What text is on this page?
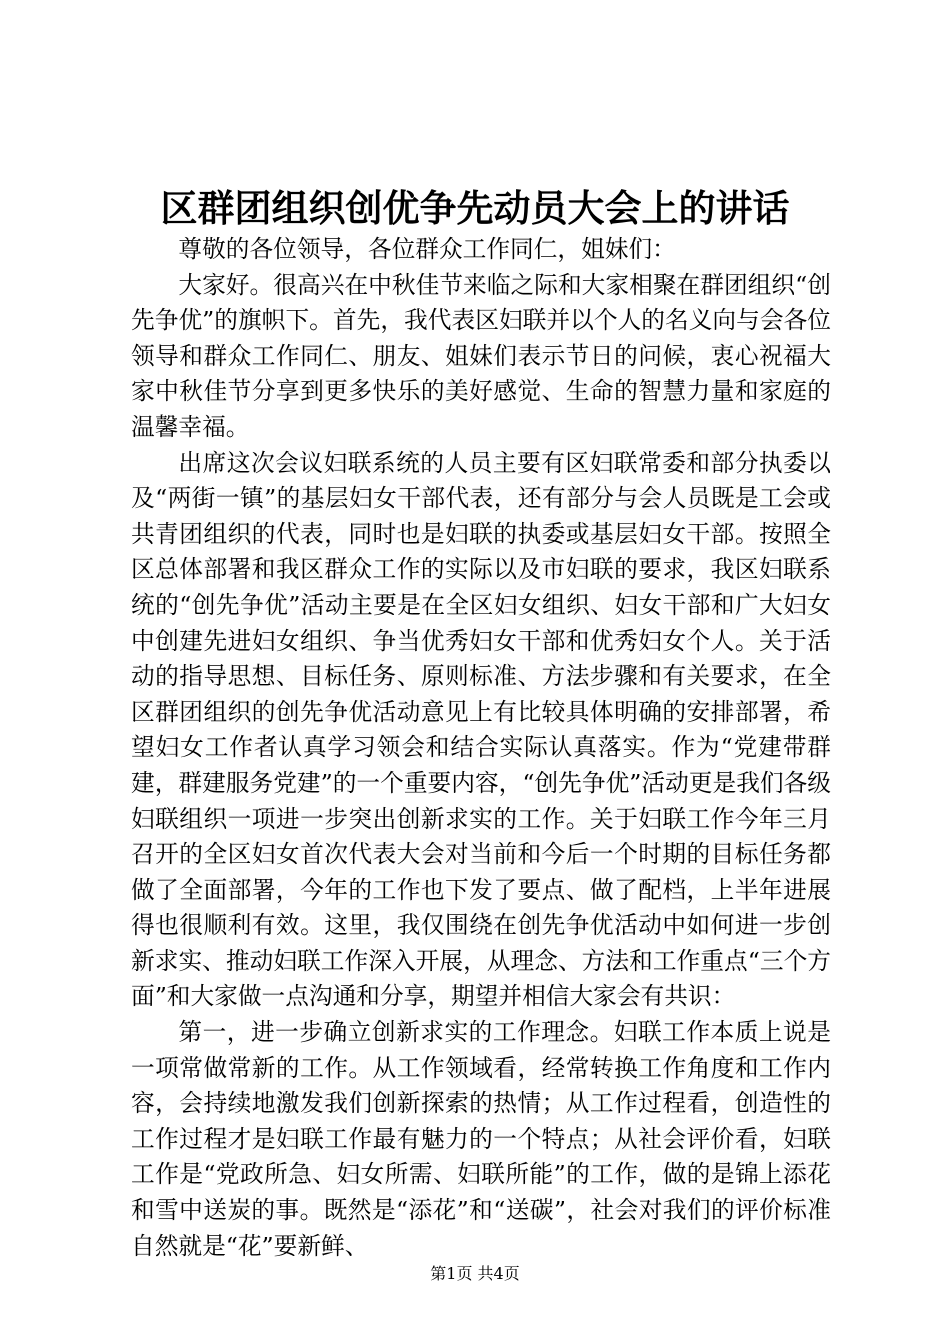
区群团组织创优争先动员大会上的讲话

尊敬的各位领导，各位群众工作同仁，姐妹们：

大家好。很高兴在中秋佳节来临之际和大家相聚在群团组织“创先争优”的旗帜下。首先，我代表区妇联并以个人的名义向与会各位领导和群众工作同仁、朋友、姐妹们表示节日的问候，衷心祝福大家中秋佳节分享到更多快乐的美好感觉、生命的智慧力量和家庭的温馨幸福。

出席这次会议妇联系统的人员主要有区妇联常委和部分执委以及“两街一镇”的基层妇女干部代表，还有部分与会人员既是工会或共青团组织的代表，同时也是妇联的执委或基层妇女干部。按照全区总体部署和我区群众工作的实际以及市妇联的要求，我区妇联系统的“创先争优”活动主要是在全区妇女组织、妇女干部和广大妇女中创建先进妇女组织、争当优秀妇女干部和优秀妇女个人。关于活动的指导思想、目标任务、原则标准、方法步骤和有关要求，在全区群团组织的创先争优活动意见上有比较具体明确的安排部署，希望妇女工作者认真学习领会和结合实际认真落实。作为“党建带群建，群建服务党建”的一个重要内容，“创先争优”活动更是我们各级妇联组织一项进一步突出创新求实的工作。关于妇联工作今年三月召开的全区妇女首次代表大会对当前和今后一个时期的目标任务都做了全面部署，今年的工作也下发了要点、做了配档，上半年进展得也很顺利有效。这里，我仅围绕在创先争优活动中如何进一步创新求实、推动妇联工作深入开展，从理念、方法和工作重点“三个方面”和大家做一点沟通和分享，期望并相信大家会有共识：

第一，进一步确立创新求实的工作理念。妇联工作本质上说是一项常做常新的工作。从工作领域看，经常转换工作角度和工作内容，会持续地激发我们创新探索的热情；从工作过程看，创造性的工作过程才是妇联工作最有魅力的一个特点；从社会评价看，妇联工作是“党政所急、妇女所需、妇联所能”的工作，做的是锦上添花和雪中送炭的事。既然是“添花”和“送碳”，社会对我们的评价标准自然就是“花”要新鲜、

第1页 共4页
